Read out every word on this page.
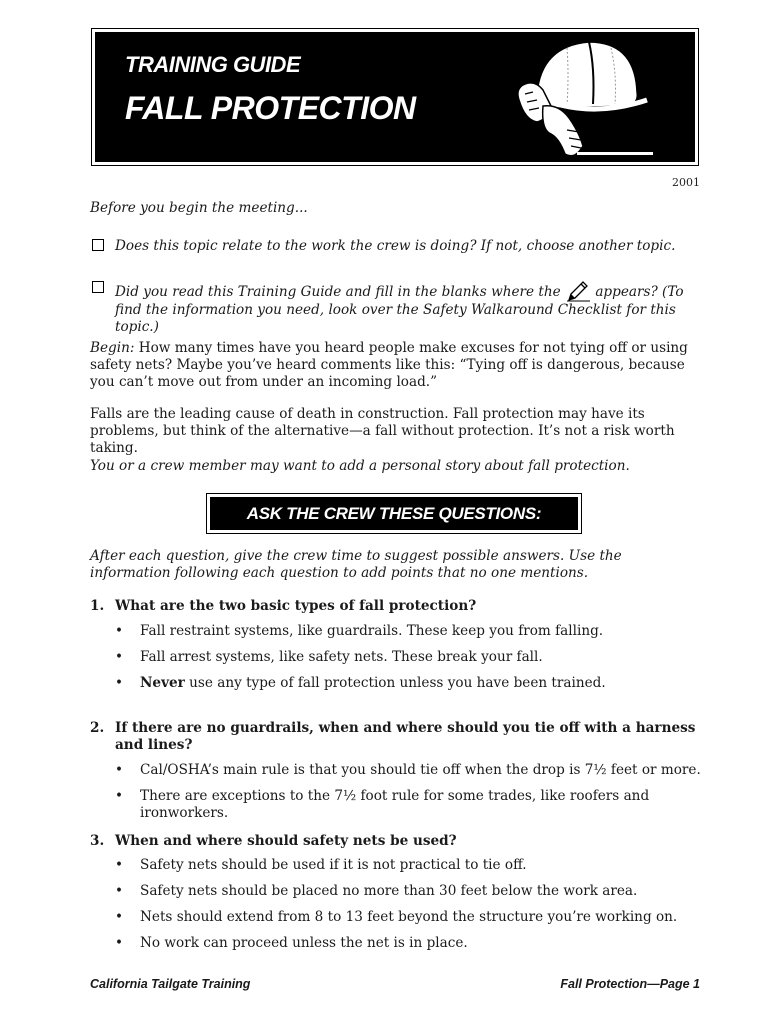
TRAINING GUIDE
FALL PROTECTION
2001
Before you begin the meeting...
Does this topic relate to the work the crew is doing? If not, choose another topic.
Did you read this Training Guide and fill in the blanks where the	appears? (To find the information you need, look over the Safety Walkaround Checklist for this topic.)
Begin: How many times have you heard people make excuses for not tying off or using safety nets? Maybe you’ve heard comments like this: “Tying off is dangerous, because you can’t move out from under an incoming load.”
Falls are the leading cause of death in construction. Fall protection may have its problems, but think of the alternative—a fall without protection. It’s not a risk worth taking.
You or a crew member may want to add a personal story about fall protection.
ASK THE CREW THESE QUESTIONS:
After each question, give the crew time to suggest possible answers. Use the information following each question to add points that no one mentions.
1. What are the two basic types of fall protection?
• Fall restraint systems, like guardrails. These keep you from falling.
• Fall arrest systems, like safety nets. These break your fall.
• Never use any type of fall protection unless you have been trained.
2. If there are no guardrails, when and where should you tie off with a harness and lines?
• Cal/OSHA’s main rule is that you should tie off when the drop is 7½ feet or more.
• There are exceptions to the 7½ foot rule for some trades, like roofers and ironworkers.
3. When and where should safety nets be used?
• Safety nets should be used if it is not practical to tie off.
• Safety nets should be placed no more than 30 feet below the work area.
• Nets should extend from 8 to 13 feet beyond the structure you’re working on.
• No work can proceed unless the net is in place.
California Tailgate Training	Fall Protection—Page 1
